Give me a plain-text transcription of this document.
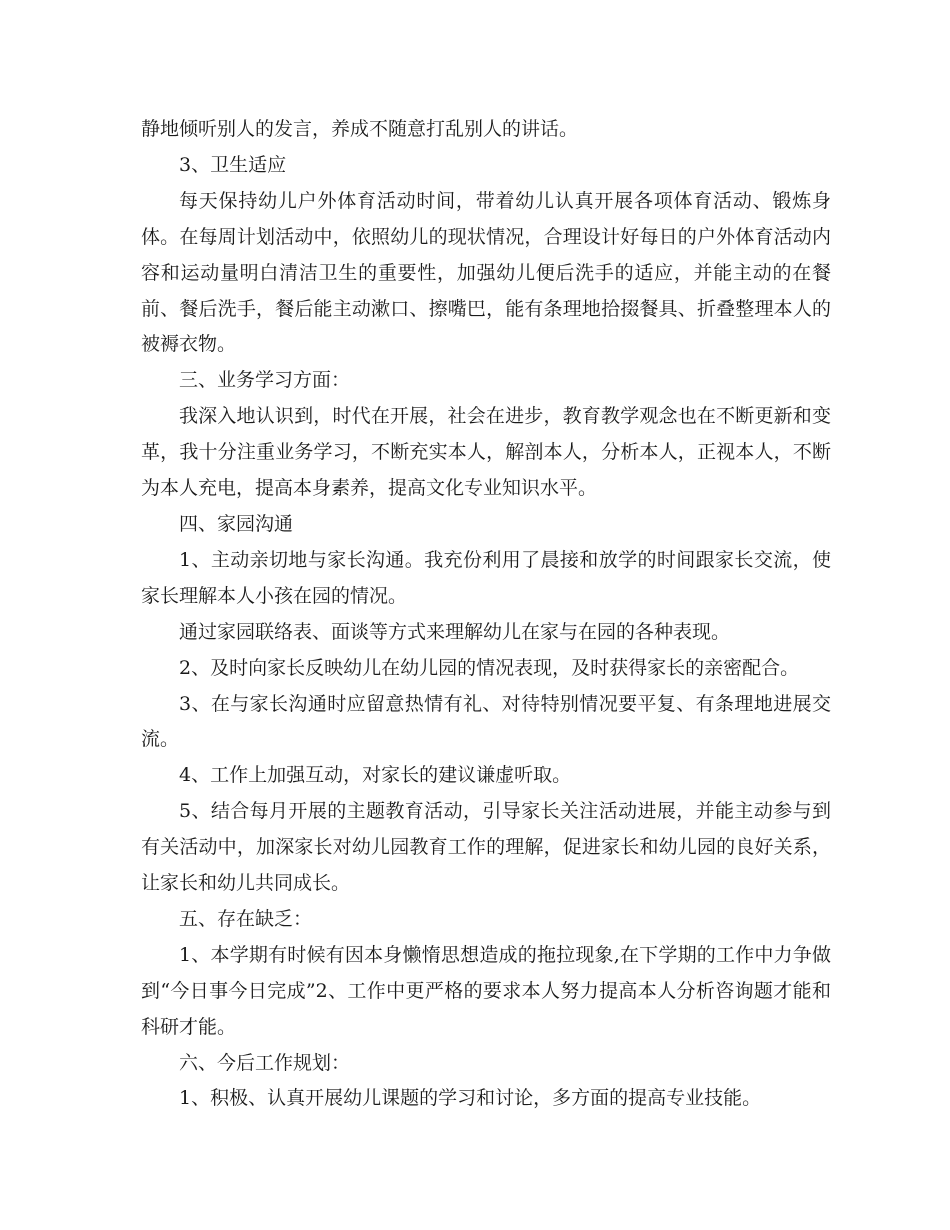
静地倾听别人的发言，养成不随意打乱别人的讲话。

3、卫生适应

每天保持幼儿户外体育活动时间，带着幼儿认真开展各项体育活动、锻炼身体。在每周计划活动中，依照幼儿的现状情况，合理设计好每日的户外体育活动内容和运动量明白清洁卫生的重要性，加强幼儿便后洗手的适应，并能主动的在餐前、餐后洗手，餐后能主动漱口、擦嘴巴，能有条理地拾掇餐具、折叠整理本人的被褥衣物。

三、业务学习方面：

我深入地认识到，时代在开展，社会在进步，教育教学观念也在不断更新和变革，我十分注重业务学习，不断充实本人，解剖本人，分析本人，正视本人，不断为本人充电，提高本身素养，提高文化专业知识水平。

四、家园沟通

1、主动亲切地与家长沟通。我充份利用了晨接和放学的时间跟家长交流，使家长理解本人小孩在园的情况。

通过家园联络表、面谈等方式来理解幼儿在家与在园的各种表现。

2、及时向家长反映幼儿在幼儿园的情况表现，及时获得家长的亲密配合。

3、在与家长沟通时应留意热情有礼、对待特别情况要平复、有条理地进展交流。

4、工作上加强互动，对家长的建议谦虚听取。

5、结合每月开展的主题教育活动，引导家长关注活动进展，并能主动参与到有关活动中，加深家长对幼儿园教育工作的理解，促进家长和幼儿园的良好关系，让家长和幼儿共同成长。

五、存在缺乏：

1、本学期有时候有因本身懒惰思想造成的拖拉现象,在下学期的工作中力争做到“今日事今日完成”2、工作中更严格的要求本人努力提高本人分析咨询题才能和科研才能。

六、今后工作规划：

1、积极、认真开展幼儿课题的学习和讨论，多方面的提高专业技能。
